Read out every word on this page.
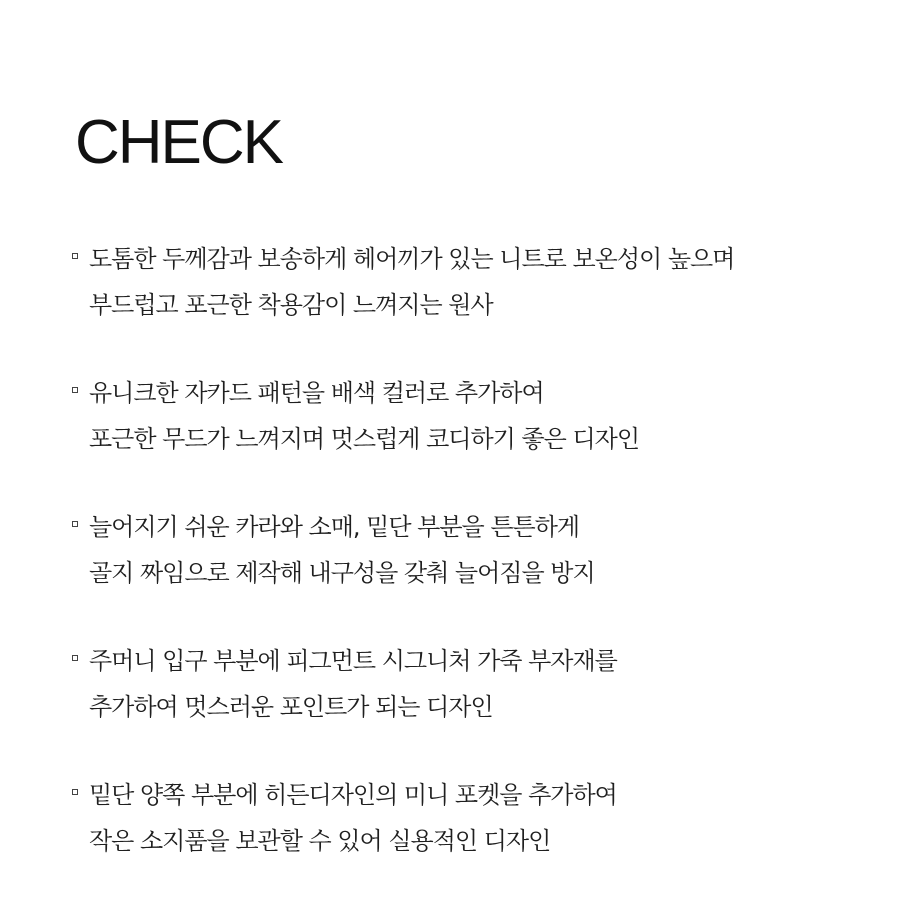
CHECK
도톰한 두께감과 보송하게 헤어끼가 있는 니트로 보온성이 높으며
부드럽고 포근한 착용감이 느껴지는 원사
유니크한 자카드 패턴을 배색 컬러로 추가하여
포근한 무드가 느껴지며 멋스럽게 코디하기 좋은 디자인
늘어지기 쉬운 카라와 소매, 밑단 부분을 튼튼하게
골지 짜임으로 제작해 내구성을 갖춰 늘어짐을 방지
주머니 입구 부분에 피그먼트 시그니처 가죽 부자재를
추가하여 멋스러운 포인트가 되는 디자인
밑단 양쪽 부분에 히든디자인의 미니 포켓을 추가하여
작은 소지품을 보관할 수 있어 실용적인 디자인
